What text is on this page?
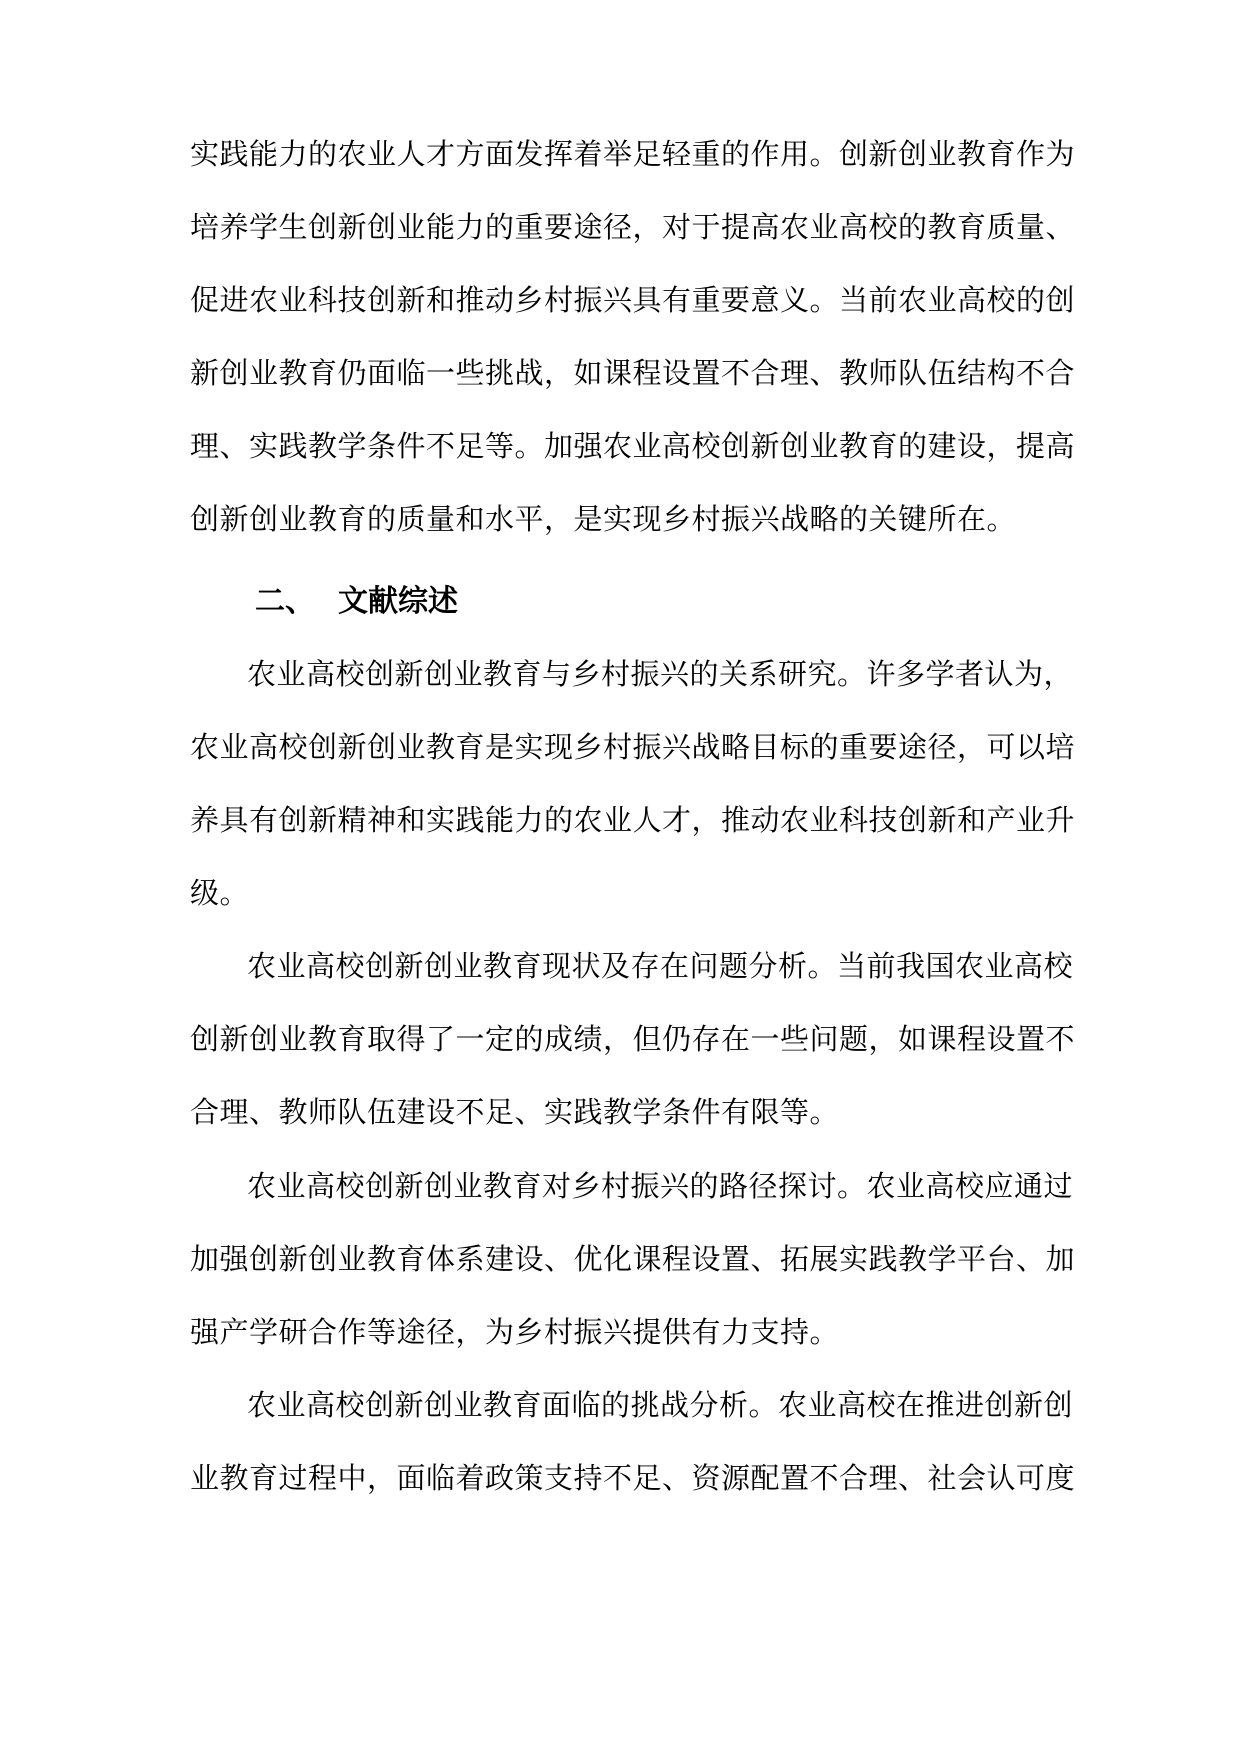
实践能力的农业人才方面发挥着举足轻重的作用。创新创业教育作为
培养学生创新创业能力的重要途径，对于提高农业高校的教育质量、
促进农业科技创新和推动乡村振兴具有重要意义。当前农业高校的创
新创业教育仍面临一些挑战，如课程设置不合理、教师队伍结构不合
理、实践教学条件不足等。加强农业高校创新创业教育的建设，提高
创新创业教育的质量和水平，是实现乡村振兴战略的关键所在。
二、 文献综述
农业高校创新创业教育与乡村振兴的关系研究。许多学者认为，
农业高校创新创业教育是实现乡村振兴战略目标的重要途径，可以培
养具有创新精神和实践能力的农业人才，推动农业科技创新和产业升
级。
农业高校创新创业教育现状及存在问题分析。当前我国农业高校
创新创业教育取得了一定的成绩，但仍存在一些问题，如课程设置不
合理、教师队伍建设不足、实践教学条件有限等。
农业高校创新创业教育对乡村振兴的路径探讨。农业高校应通过
加强创新创业教育体系建设、优化课程设置、拓展实践教学平台、加
强产学研合作等途径，为乡村振兴提供有力支持。
农业高校创新创业教育面临的挑战分析。农业高校在推进创新创
业教育过程中，面临着政策支持不足、资源配置不合理、社会认可度
